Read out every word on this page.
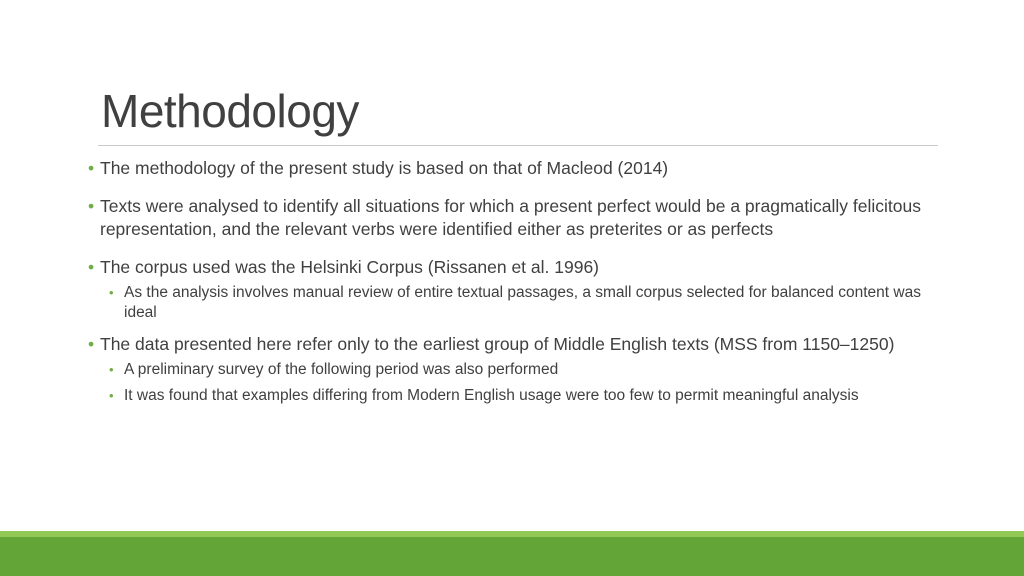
Methodology
• The methodology of the present study is based on that of Macleod (2014)
• Texts were analysed to identify all situations for which a present perfect would be a pragmatically felicitous representation, and the relevant verbs were identified either as preterites or as perfects
• The corpus used was the Helsinki Corpus (Rissanen et al. 1996)
• As the analysis involves manual review of entire textual passages, a small corpus selected for balanced content was ideal
• The data presented here refer only to the earliest group of Middle English texts (MSS from 1150–1250)
• A preliminary survey of the following period was also performed
• It was found that examples differing from Modern English usage were too few to permit meaningful analysis
